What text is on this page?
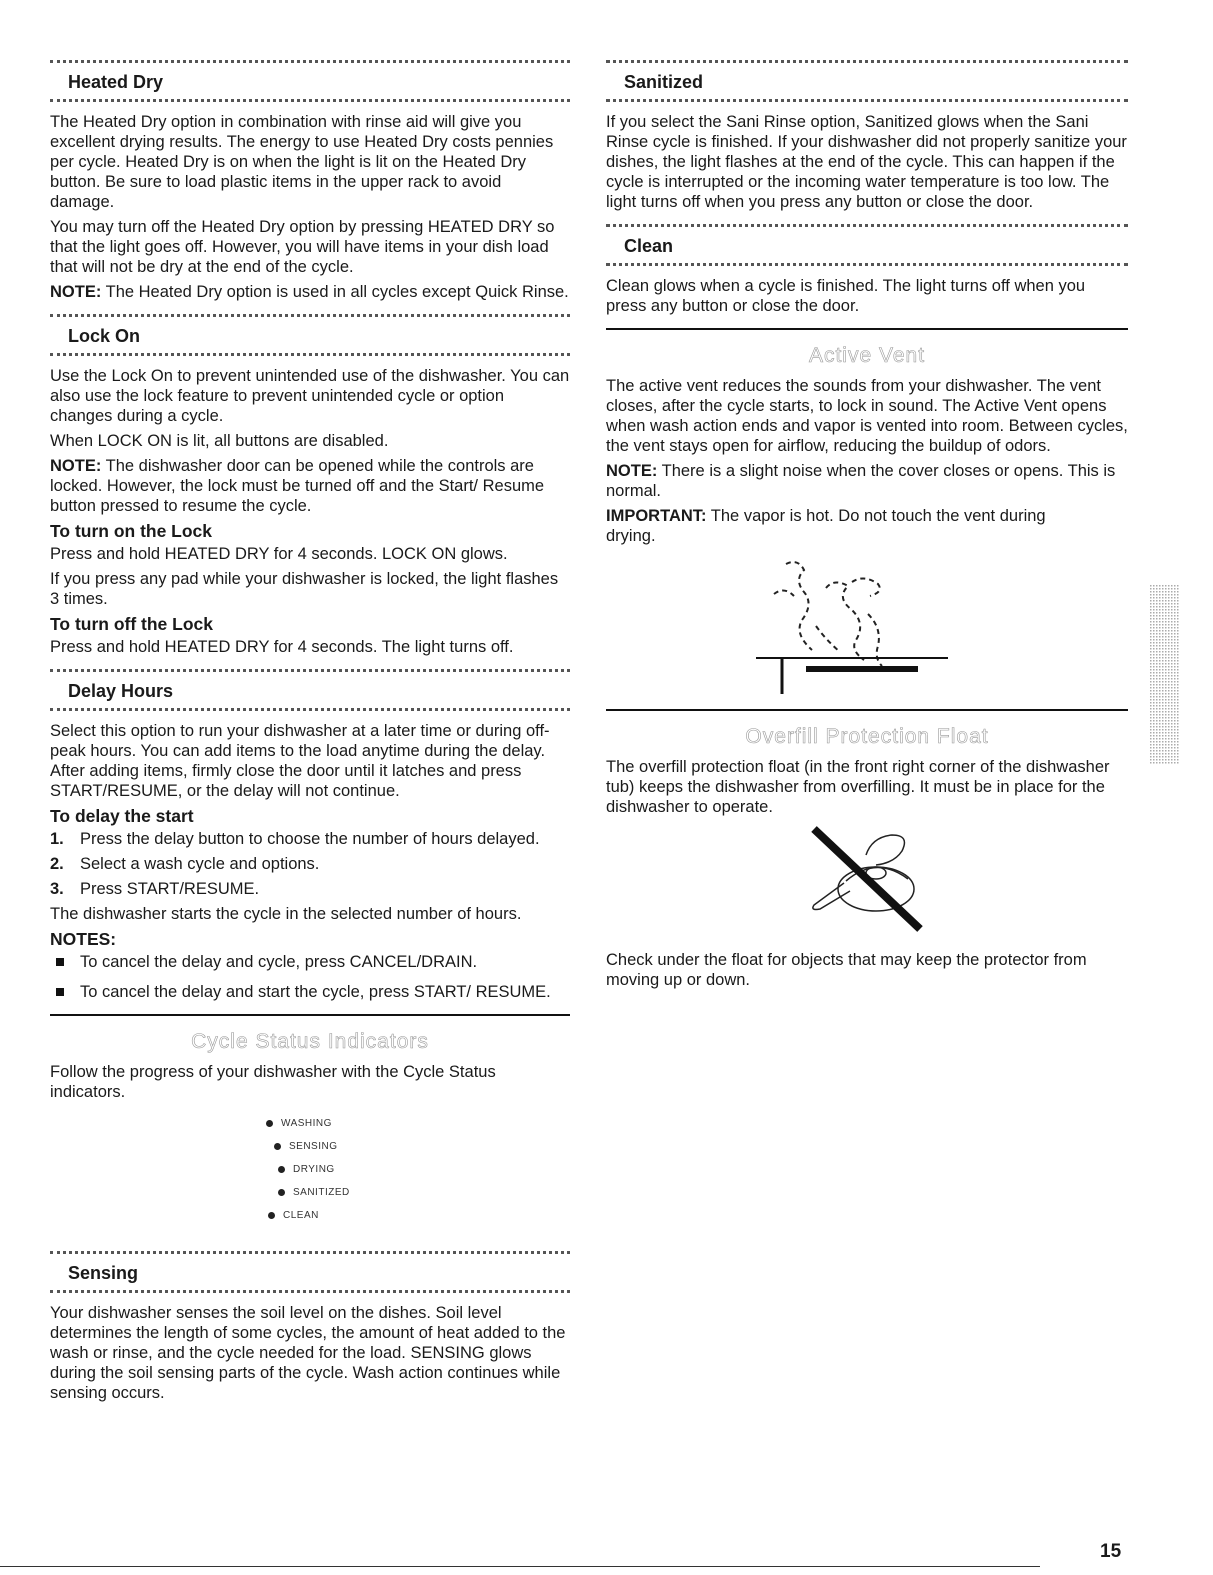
Heated Dry

The Heated Dry option in combination with rinse aid will give you excellent drying results. The energy to use Heated Dry costs pennies per cycle. Heated Dry is on when the light is lit on the Heated Dry button. Be sure to load plastic items in the upper rack to avoid damage.

You may turn off the Heated Dry option by pressing HEATED DRY so that the light goes off. However, you will have items in your dish load that will not be dry at the end of the cycle.

NOTE: The Heated Dry option is used in all cycles except Quick Rinse.

Lock On

Use the Lock On to prevent unintended use of the dishwasher. You can also use the lock feature to prevent unintended cycle or option changes during a cycle.

When LOCK ON is lit, all buttons are disabled.

NOTE: The dishwasher door can be opened while the controls are locked. However, the lock must be turned off and the Start/ Resume button pressed to resume the cycle.

To turn on the Lock

Press and hold HEATED DRY for 4 seconds. LOCK ON glows.

If you press any pad while your dishwasher is locked, the light flashes 3 times.

To turn off the Lock

Press and hold HEATED DRY for 4 seconds. The light turns off.

Delay Hours

Select this option to run your dishwasher at a later time or during off-peak hours. You can add items to the load anytime during the delay. After adding items, firmly close the door until it latches and press START/RESUME, or the delay will not continue.

To delay the start
1. Press the delay button to choose the number of hours delayed.
2. Select a wash cycle and options.
3. Press START/RESUME.

The dishwasher starts the cycle in the selected number of hours.

NOTES:
To cancel the delay and cycle, press CANCEL/DRAIN.
To cancel the delay and start the cycle, press START/ RESUME.
Cycle Status Indicators

Follow the progress of your dishwasher with the Cycle Status indicators.

WASHING
SENSING
DRYING
SANITIZED
CLEAN
Sensing

Your dishwasher senses the soil level on the dishes. Soil level determines the length of some cycles, the amount of heat added to the wash or rinse, and the cycle needed for the load. SENSING glows during the soil sensing parts of the cycle. Wash action continues while sensing occurs.

Sanitized

If you select the Sani Rinse option, Sanitized glows when the Sani Rinse cycle is finished. If your dishwasher did not properly sanitize your dishes, the light flashes at the end of the cycle. This can happen if the cycle is interrupted or the incoming water temperature is too low. The light turns off when you press any button or close the door.

Clean

Clean glows when a cycle is finished. The light turns off when you press any button or close the door.

Active Vent

The active vent reduces the sounds from your dishwasher. The vent closes, after the cycle starts, to lock in sound. The Active Vent opens when wash action ends and vapor is vented into room. Between cycles, the vent stays open for airflow, reducing the buildup of odors.

NOTE: There is a slight noise when the cover closes or opens. This is normal.

IMPORTANT: The vapor is hot. Do not touch the vent during drying.

Overfill Protection Float

The overfill protection float (in the front right corner of the dishwasher tub) keeps the dishwasher from overfilling. It must be in place for the dishwasher to operate.

Check under the float for objects that may keep the protector from moving up or down.

15
